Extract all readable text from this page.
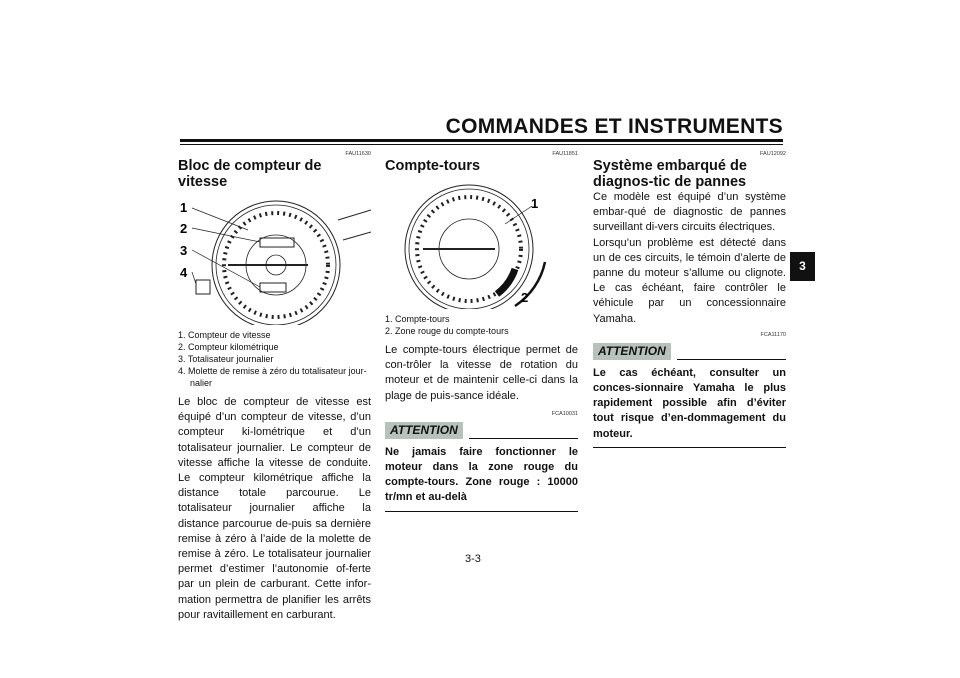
COMMANDES ET INSTRUMENTS
FAU11630
Bloc de compteur de vitesse
1
2
3
4
1. Compteur de vitesse
2. Compteur kilométrique
3. Totalisateur journalier
4. Molette de remise à zéro du totalisateur jour-nalier

Le bloc de compteur de vitesse est équipé d’un compteur de vitesse, d’un compteur ki-lométrique et d’un totalisateur journalier. Le compteur de vitesse affiche la vitesse de conduite. Le compteur kilométrique affiche la distance totale parcourue. Le totalisateur journalier affiche la distance parcourue de-puis sa dernière remise à zéro à l’aide de la molette de remise à zéro. Le totalisateur journalier permet d’estimer l’autonomie of-ferte par un plein de carburant. Cette infor-mation permettra de planifier les arrêts pour ravitaillement en carburant.

FAU11851
Compte-tours
1
2
1. Compte-tours
2. Zone rouge du compte-tours

Le compte-tours électrique permet de con-trôler la vitesse de rotation du moteur et de maintenir celle-ci dans la plage de puis-sance idéale.

FCA10031
ATTENTION
Ne jamais faire fonctionner le moteur dans la zone rouge du compte-tours. Zone rouge : 10000 tr/mn et au-delà
FAU12092
Système embarqué de diagnos-tic de pannes

Ce modèle est équipé d’un système embar-qué de diagnostic de pannes surveillant di-vers circuits électriques.

Lorsqu’un problème est détecté dans un de ces circuits, le témoin d’alerte de panne du moteur s’allume ou clignote. Le cas échéant, faire contrôler le véhicule par un concessionnaire Yamaha.

FCA11170
ATTENTION
Le cas échéant, consulter un conces-sionnaire Yamaha le plus rapidement possible afin d’éviter tout risque d’en-dommagement du moteur.
3
3-3
